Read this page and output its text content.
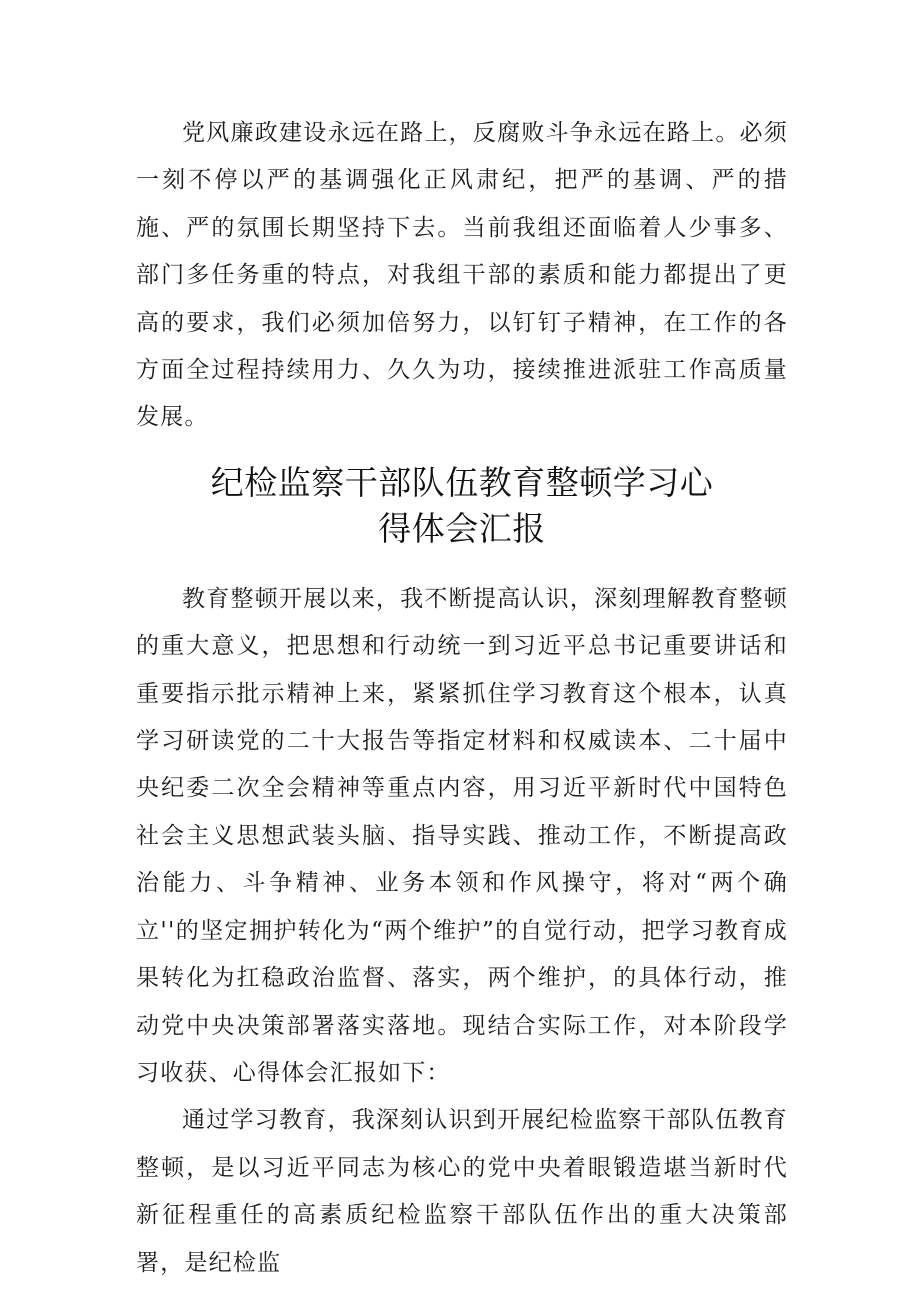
党风廉政建设永远在路上，反腐败斗争永远在路上。必须一刻不停以严的基调强化正风肃纪，把严的基调、严的措施、严的氛围长期坚持下去。当前我组还面临着人少事多、部门多任务重的特点，对我组干部的素质和能力都提出了更高的要求，我们必须加倍努力，以钉钉子精神，在工作的各方面全过程持续用力、久久为功，接续推进派驻工作高质量发展。

纪检监察干部队伍教育整顿学习心
得体会汇报

教育整顿开展以来，我不断提高认识，深刻理解教育整顿的重大意义，把思想和行动统一到习近平总书记重要讲话和重要指示批示精神上来，紧紧抓住学习教育这个根本，认真学习研读党的二十大报告等指定材料和权威读本、二十届中央纪委二次全会精神等重点内容，用习近平新时代中国特色社会主义思想武装头脑、指导实践、推动工作，不断提高政治能力、斗争精神、业务本领和作风操守，将对“两个确立''的坚定拥护转化为“两个维护”的自觉行动，把学习教育成果转化为扛稳政治监督、落实，两个维护，的具体行动，推动党中央决策部署落实落地。现结合实际工作，对本阶段学习收获、心得体会汇报如下：

通过学习教育，我深刻认识到开展纪检监察干部队伍教育整顿，是以习近平同志为核心的党中央着眼锻造堪当新时代新征程重任的高素质纪检监察干部队伍作出的重大决策部署，是纪检监
